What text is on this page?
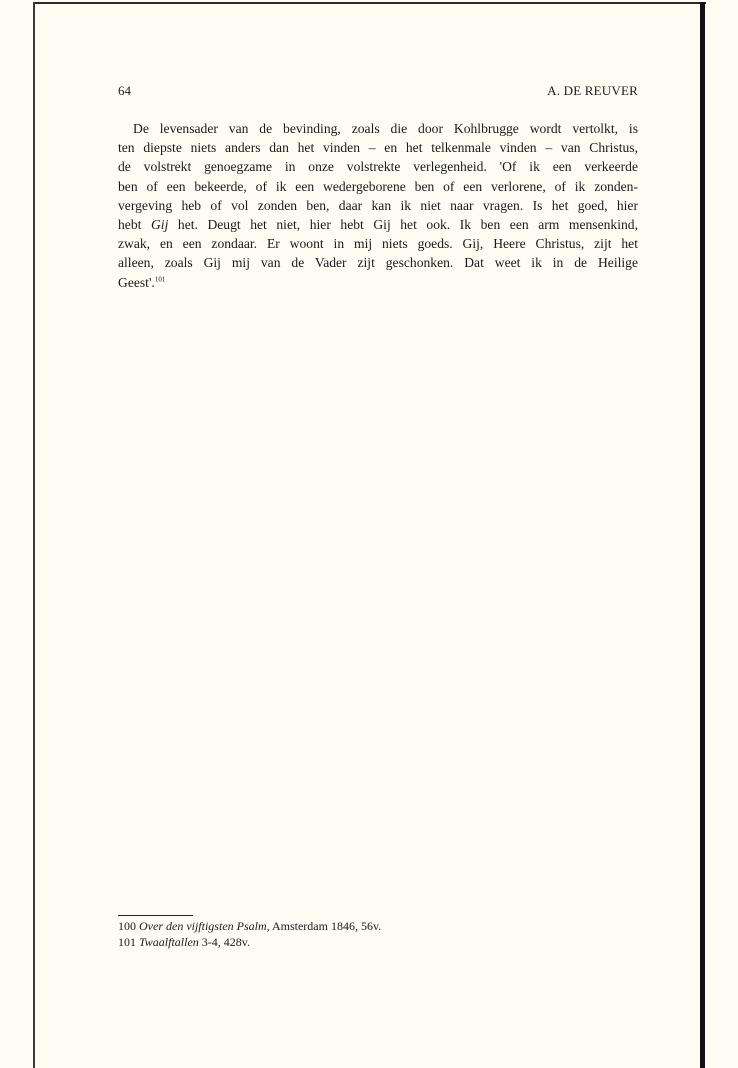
64	A. DE REUVER

De levensader van de bevinding, zoals die door Kohlbrugge wordt vertolkt, is
ten diepste niets anders dan het vinden – en het telkenmale vinden – van Christus,
de volstrekt genoegzame in onze volstrekte verlegenheid. 'Of ik een verkeerde
ben of een bekeerde, of ik een wedergeborene ben of een verlorene, of ik zonden-
vergeving heb of vol zonden ben, daar kan ik niet naar vragen. Is het goed, hier
hebt Gij het. Deugt het niet, hier hebt Gij het ook. Ik ben een arm mensenkind,
zwak, en een zondaar. Er woont in mij niets goeds. Gij, Heere Christus, zijt het
alleen, zoals Gij mij van de Vader zijt geschonken. Dat weet ik in de Heilige
Geest'.$^{101}$

100 Over den vijftigsten Psalm, Amsterdam 1846, 56v.
101 Twaalftallen 3-4, 428v.
